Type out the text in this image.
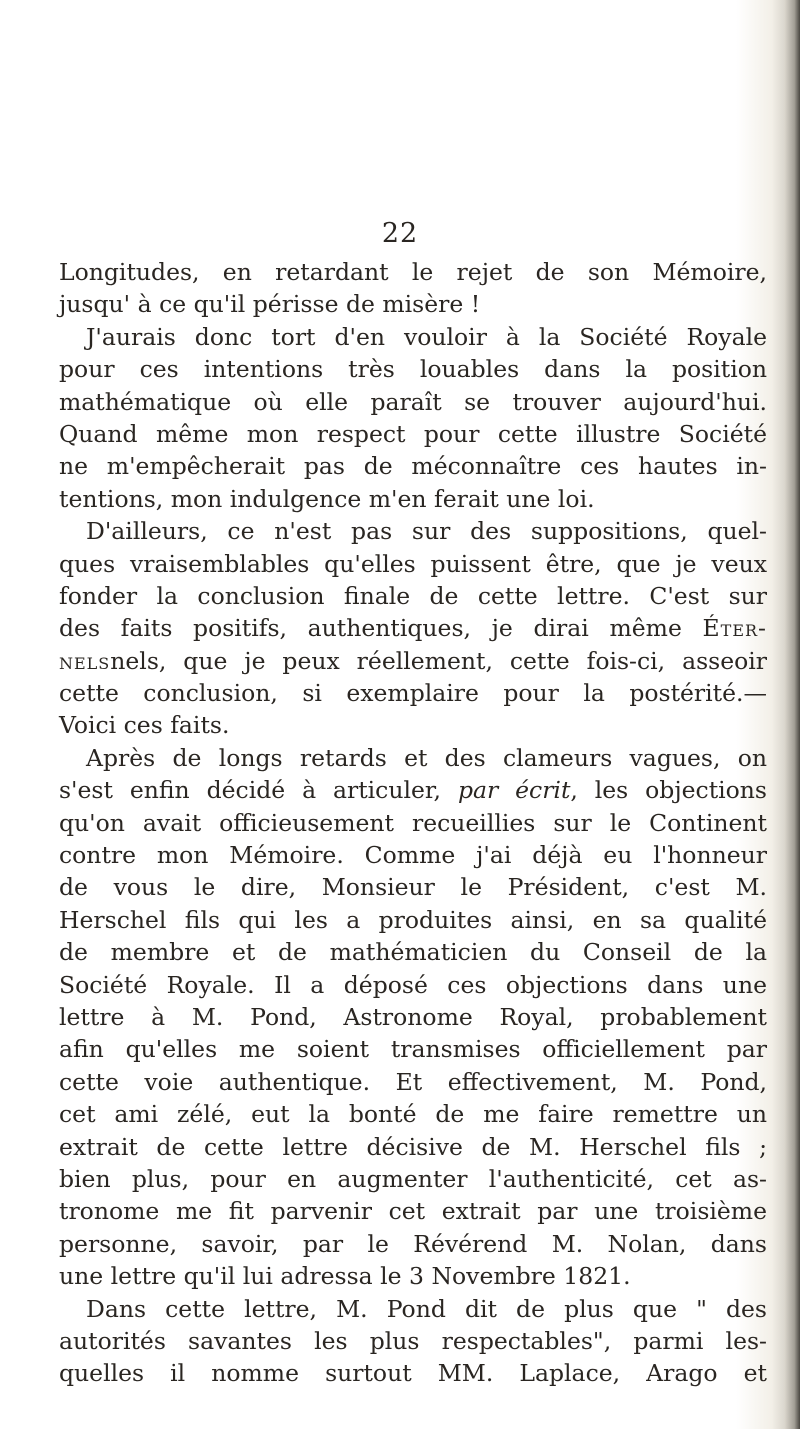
22
Longitudes, en retardant le rejet de son Mémoire,
jusqu' à ce qu'il périsse de misère !
J'aurais donc tort d'en vouloir à la Société Royale
pour ces intentions très louables dans la position
mathématique où elle paraît se trouver aujourd'hui.
Quand même mon respect pour cette illustre Société
ne m'empêcherait pas de méconnaître ces hautes in-
tentions, mon indulgence m'en ferait une loi.
D'ailleurs, ce n'est pas sur des suppositions, quel-
ques vraisemblables qu'elles puissent être, que je veux
fonder la conclusion finale de cette lettre. C'est sur
des faits positifs, authentiques, je dirai même Éter-
nelsnels, que je peux réellement, cette fois-ci, asseoir
cette conclusion, si exemplaire pour la postérité.—
Voici ces faits.
Après de longs retards et des clameurs vagues, on
s'est enfin décidé à articuler, par écrit, les objections
qu'on avait officieusement recueillies sur le Continent
contre mon Mémoire. Comme j'ai déjà eu l'honneur
de vous le dire, Monsieur le Président, c'est M.
Herschel fils qui les a produites ainsi, en sa qualité
de membre et de mathématicien du Conseil de la
Société Royale. Il a déposé ces objections dans une
lettre à M. Pond, Astronome Royal, probablement
afin qu'elles me soient transmises officiellement par
cette voie authentique. Et effectivement, M. Pond,
cet ami zélé, eut la bonté de me faire remettre un
extrait de cette lettre décisive de M. Herschel fils ;
bien plus, pour en augmenter l'authenticité, cet as-
tronome me fit parvenir cet extrait par une troisième
personne, savoir, par le Révérend M. Nolan, dans
une lettre qu'il lui adressa le 3 Novembre 1821.
Dans cette lettre, M. Pond dit de plus que " des
autorités savantes les plus respectables", parmi les-
quelles il nomme surtout MM. Laplace, Arago et
